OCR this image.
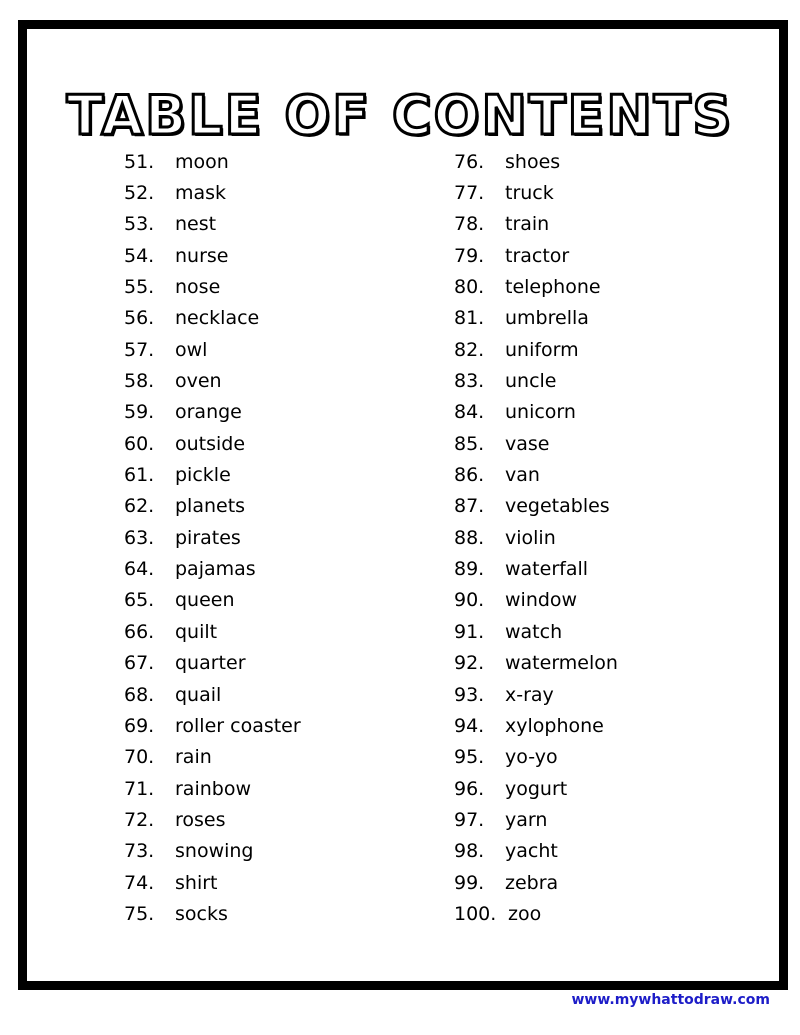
TABLE OF CONTENTS
51.	moon
52.	mask
53.	nest
54.	nurse
55.	nose
56.	necklace
57.	owl
58.	oven
59.	orange
60.	outside
61.	pickle
62.	planets
63.	pirates
64.	pajamas
65.	queen
66.	quilt
67.	quarter
68.	quail
69.	roller coaster
70.	rain
71.	rainbow
72.	roses
73.	snowing
74.	shirt
75.	socks
76.	shoes
77.	truck
78.	train
79.	tractor
80.	telephone
81.	umbrella
82.	uniform
83.	uncle
84.	unicorn
85.	vase
86.	van
87.	vegetables
88.	violin
89.	waterfall
90.	window
91.	watch
92.	watermelon
93.	x-ray
94.	xylophone
95.	yo-yo
96.	yogurt
97.	yarn
98.	yacht
99.	zebra
100. zoo
www.mywhattodraw.com
